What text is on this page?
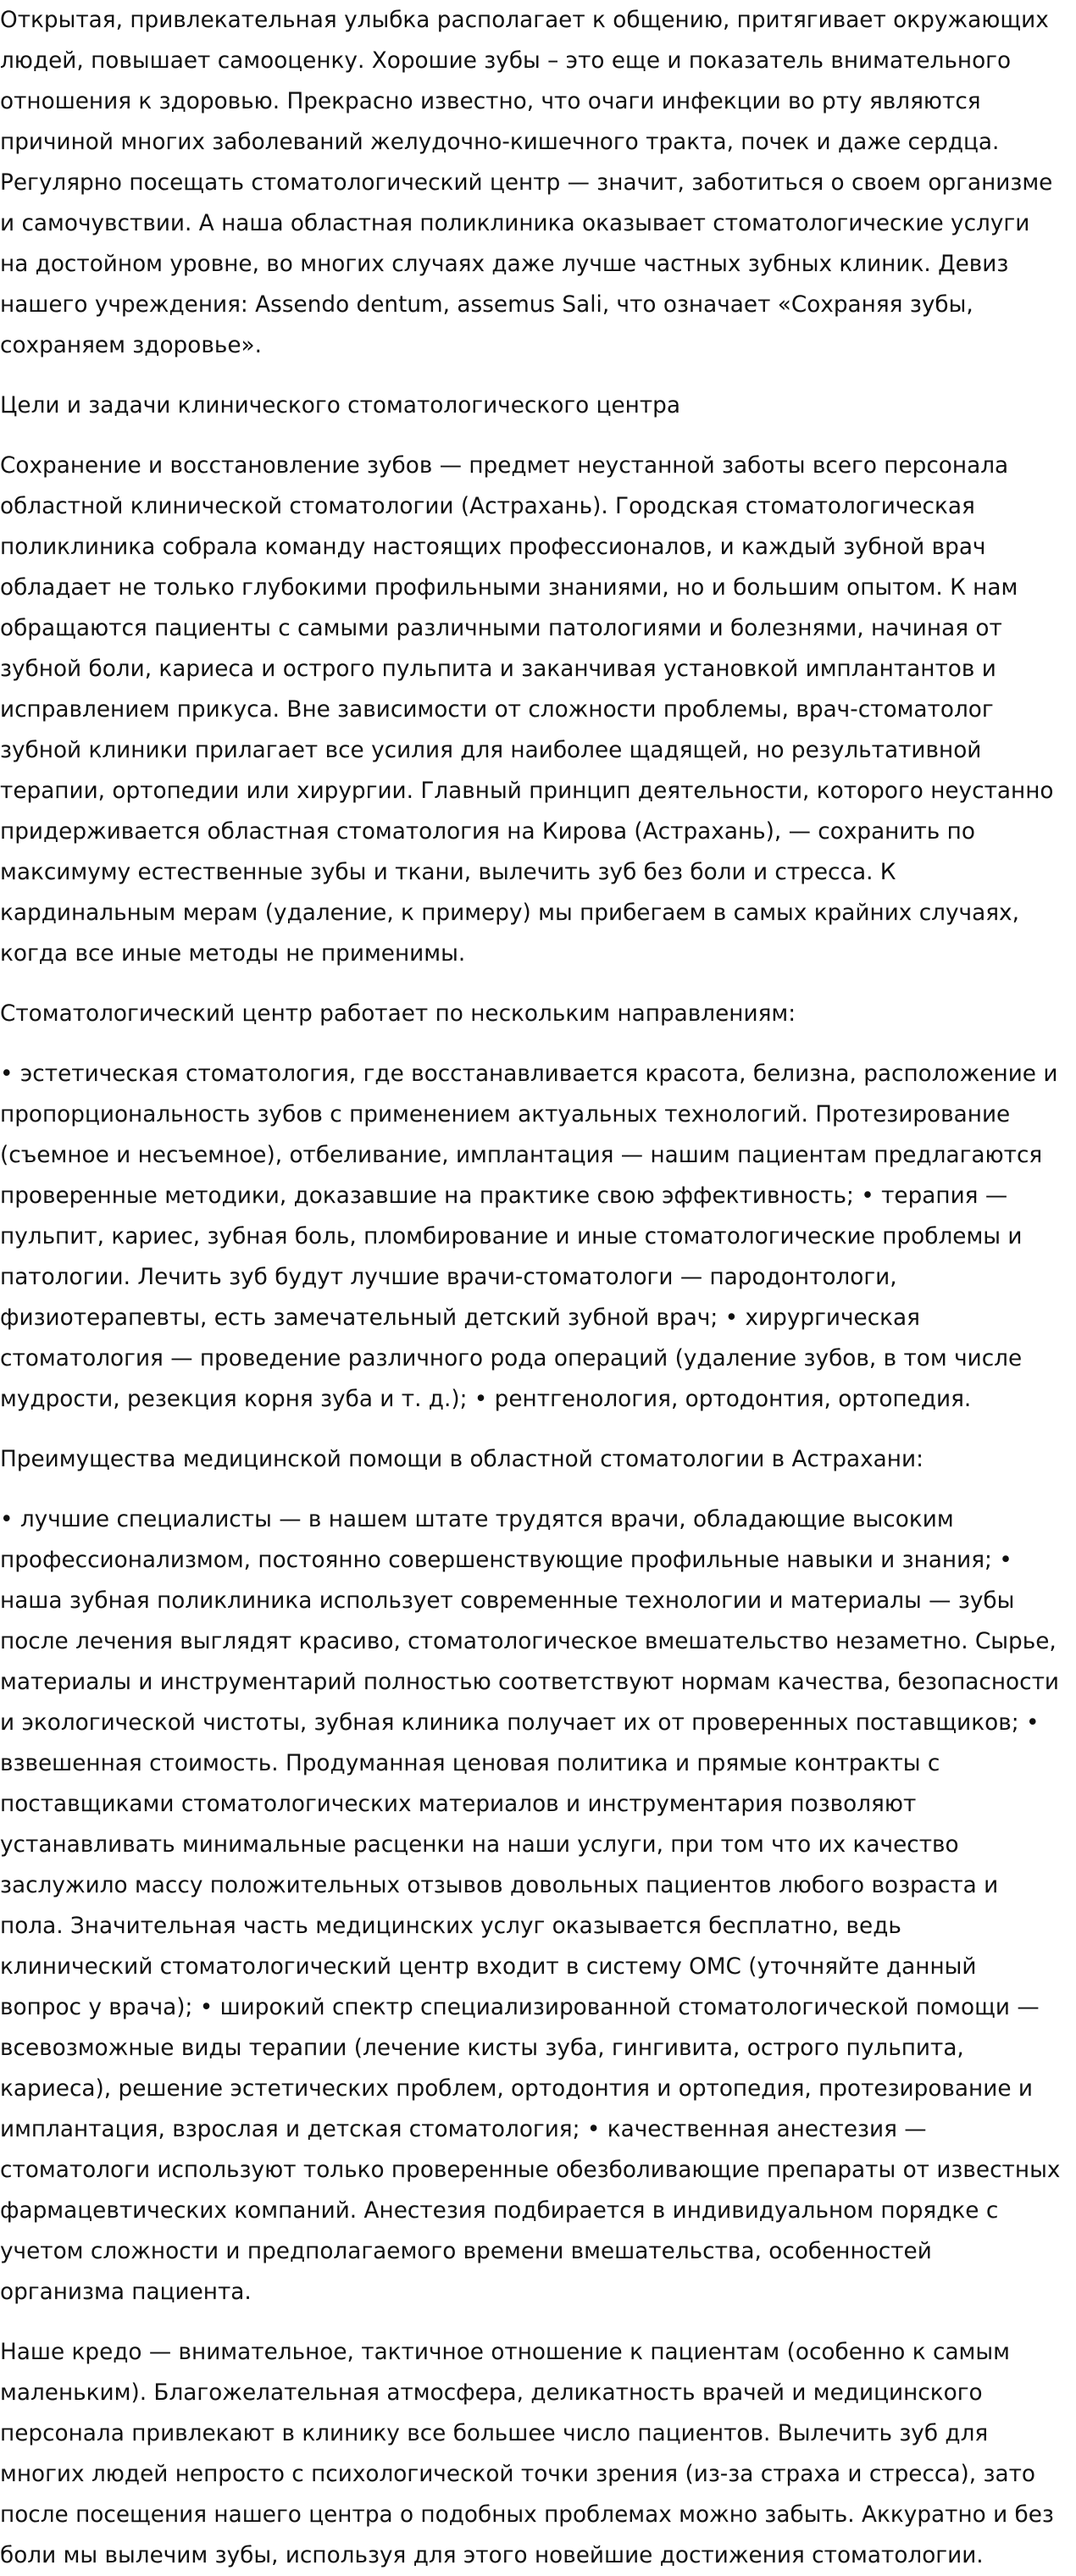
Открытая, привлекательная улыбка располагает к общению, притягивает окружающих людей, повышает самооценку. Хорошие зубы – это еще и показатель внимательного отношения к здоровью. Прекрасно известно, что очаги инфекции во рту являются причиной многих заболеваний желудочно-кишечного тракта, почек и даже сердца. Регулярно посещать стоматологический центр — значит, заботиться о своем организме и самочувствии. А наша областная поликлиника оказывает стоматологические услуги на достойном уровне, во многих случаях даже лучше частных зубных клиник. Девиз нашего учреждения: Assendo dentum, assemus Sali, что означает «Сохраняя зубы, сохраняем здоровье».

Цели и задачи клинического стоматологического центра

Сохранение и восстановление зубов — предмет неустанной заботы всего персонала областной клинической стоматологии (Астрахань). Городская стоматологическая поликлиника собрала команду настоящих профессионалов, и каждый зубной врач обладает не только глубокими профильными знаниями, но и большим опытом. К нам обращаются пациенты с самыми различными патологиями и болезнями, начиная от зубной боли, кариеса и острого пульпита и заканчивая установкой имплантантов и исправлением прикуса. Вне зависимости от сложности проблемы, врач-стоматолог зубной клиники прилагает все усилия для наиболее щадящей, но результативной терапии, ортопедии или хирургии. Главный принцип деятельности, которого неустанно придерживается областная стоматология на Кирова (Астрахань), — сохранить по максимуму естественные зубы и ткани, вылечить зуб без боли и стресса. К кардинальным мерам (удаление, к примеру) мы прибегаем в самых крайних случаях, когда все иные методы не применимы.

Стоматологический центр работает по нескольким направлениям:

• эстетическая стоматология, где восстанавливается красота, белизна, расположение и пропорциональность зубов с применением актуальных технологий. Протезирование (съемное и несъемное), отбеливание, имплантация — нашим пациентам предлагаются проверенные методики, доказавшие на практике свою эффективность; • терапия — пульпит, кариес, зубная боль, пломбирование и иные стоматологические проблемы и патологии. Лечить зуб будут лучшие врачи-стоматологи — пародонтологи, физиотерапевты, есть замечательный детский зубной врач; • хирургическая стоматология — проведение различного рода операций (удаление зубов, в том числе мудрости, резекция корня зуба и т. д.); • рентгенология, ортодонтия, ортопедия.

Преимущества медицинской помощи в областной стоматологии в Астрахани:

• лучшие специалисты — в нашем штате трудятся врачи, обладающие высоким профессионализмом, постоянно совершенствующие профильные навыки и знания; • наша зубная поликлиника использует современные технологии и материалы — зубы после лечения выглядят красиво, стоматологическое вмешательство незаметно. Сырье, материалы и инструментарий полностью соответствуют нормам качества, безопасности и экологической чистоты, зубная клиника получает их от проверенных поставщиков; • взвешенная стоимость. Продуманная ценовая политика и прямые контракты с поставщиками стоматологических материалов и инструментария позволяют устанавливать минимальные расценки на наши услуги, при том что их качество заслужило массу положительных отзывов довольных пациентов любого возраста и пола. Значительная часть медицинских услуг оказывается бесплатно, ведь клинический стоматологический центр входит в систему ОМС (уточняйте данный вопрос у врача); • широкий спектр специализированной стоматологической помощи — всевозможные виды терапии (лечение кисты зуба, гингивита, острого пульпита, кариеса), решение эстетических проблем, ортодонтия и ортопедия, протезирование и имплантация, взрослая и детская стоматология; • качественная анестезия — стоматологи используют только проверенные обезболивающие препараты от известных фармацевтических компаний. Анестезия подбирается в индивидуальном порядке с учетом сложности и предполагаемого времени вмешательства, особенностей организма пациента.

Наше кредо — внимательное, тактичное отношение к пациентам (особенно к самым маленьким). Благожелательная атмосфера, деликатность врачей и медицинского персонала привлекают в клинику все большее число пациентов. Вылечить зуб для многих людей непросто с психологической точки зрения (из-за страха и стресса), зато после посещения нашего центра о подобных проблемах можно забыть. Аккуратно и без боли мы вылечим зубы, используя для этого новейшие достижения стоматологии.
